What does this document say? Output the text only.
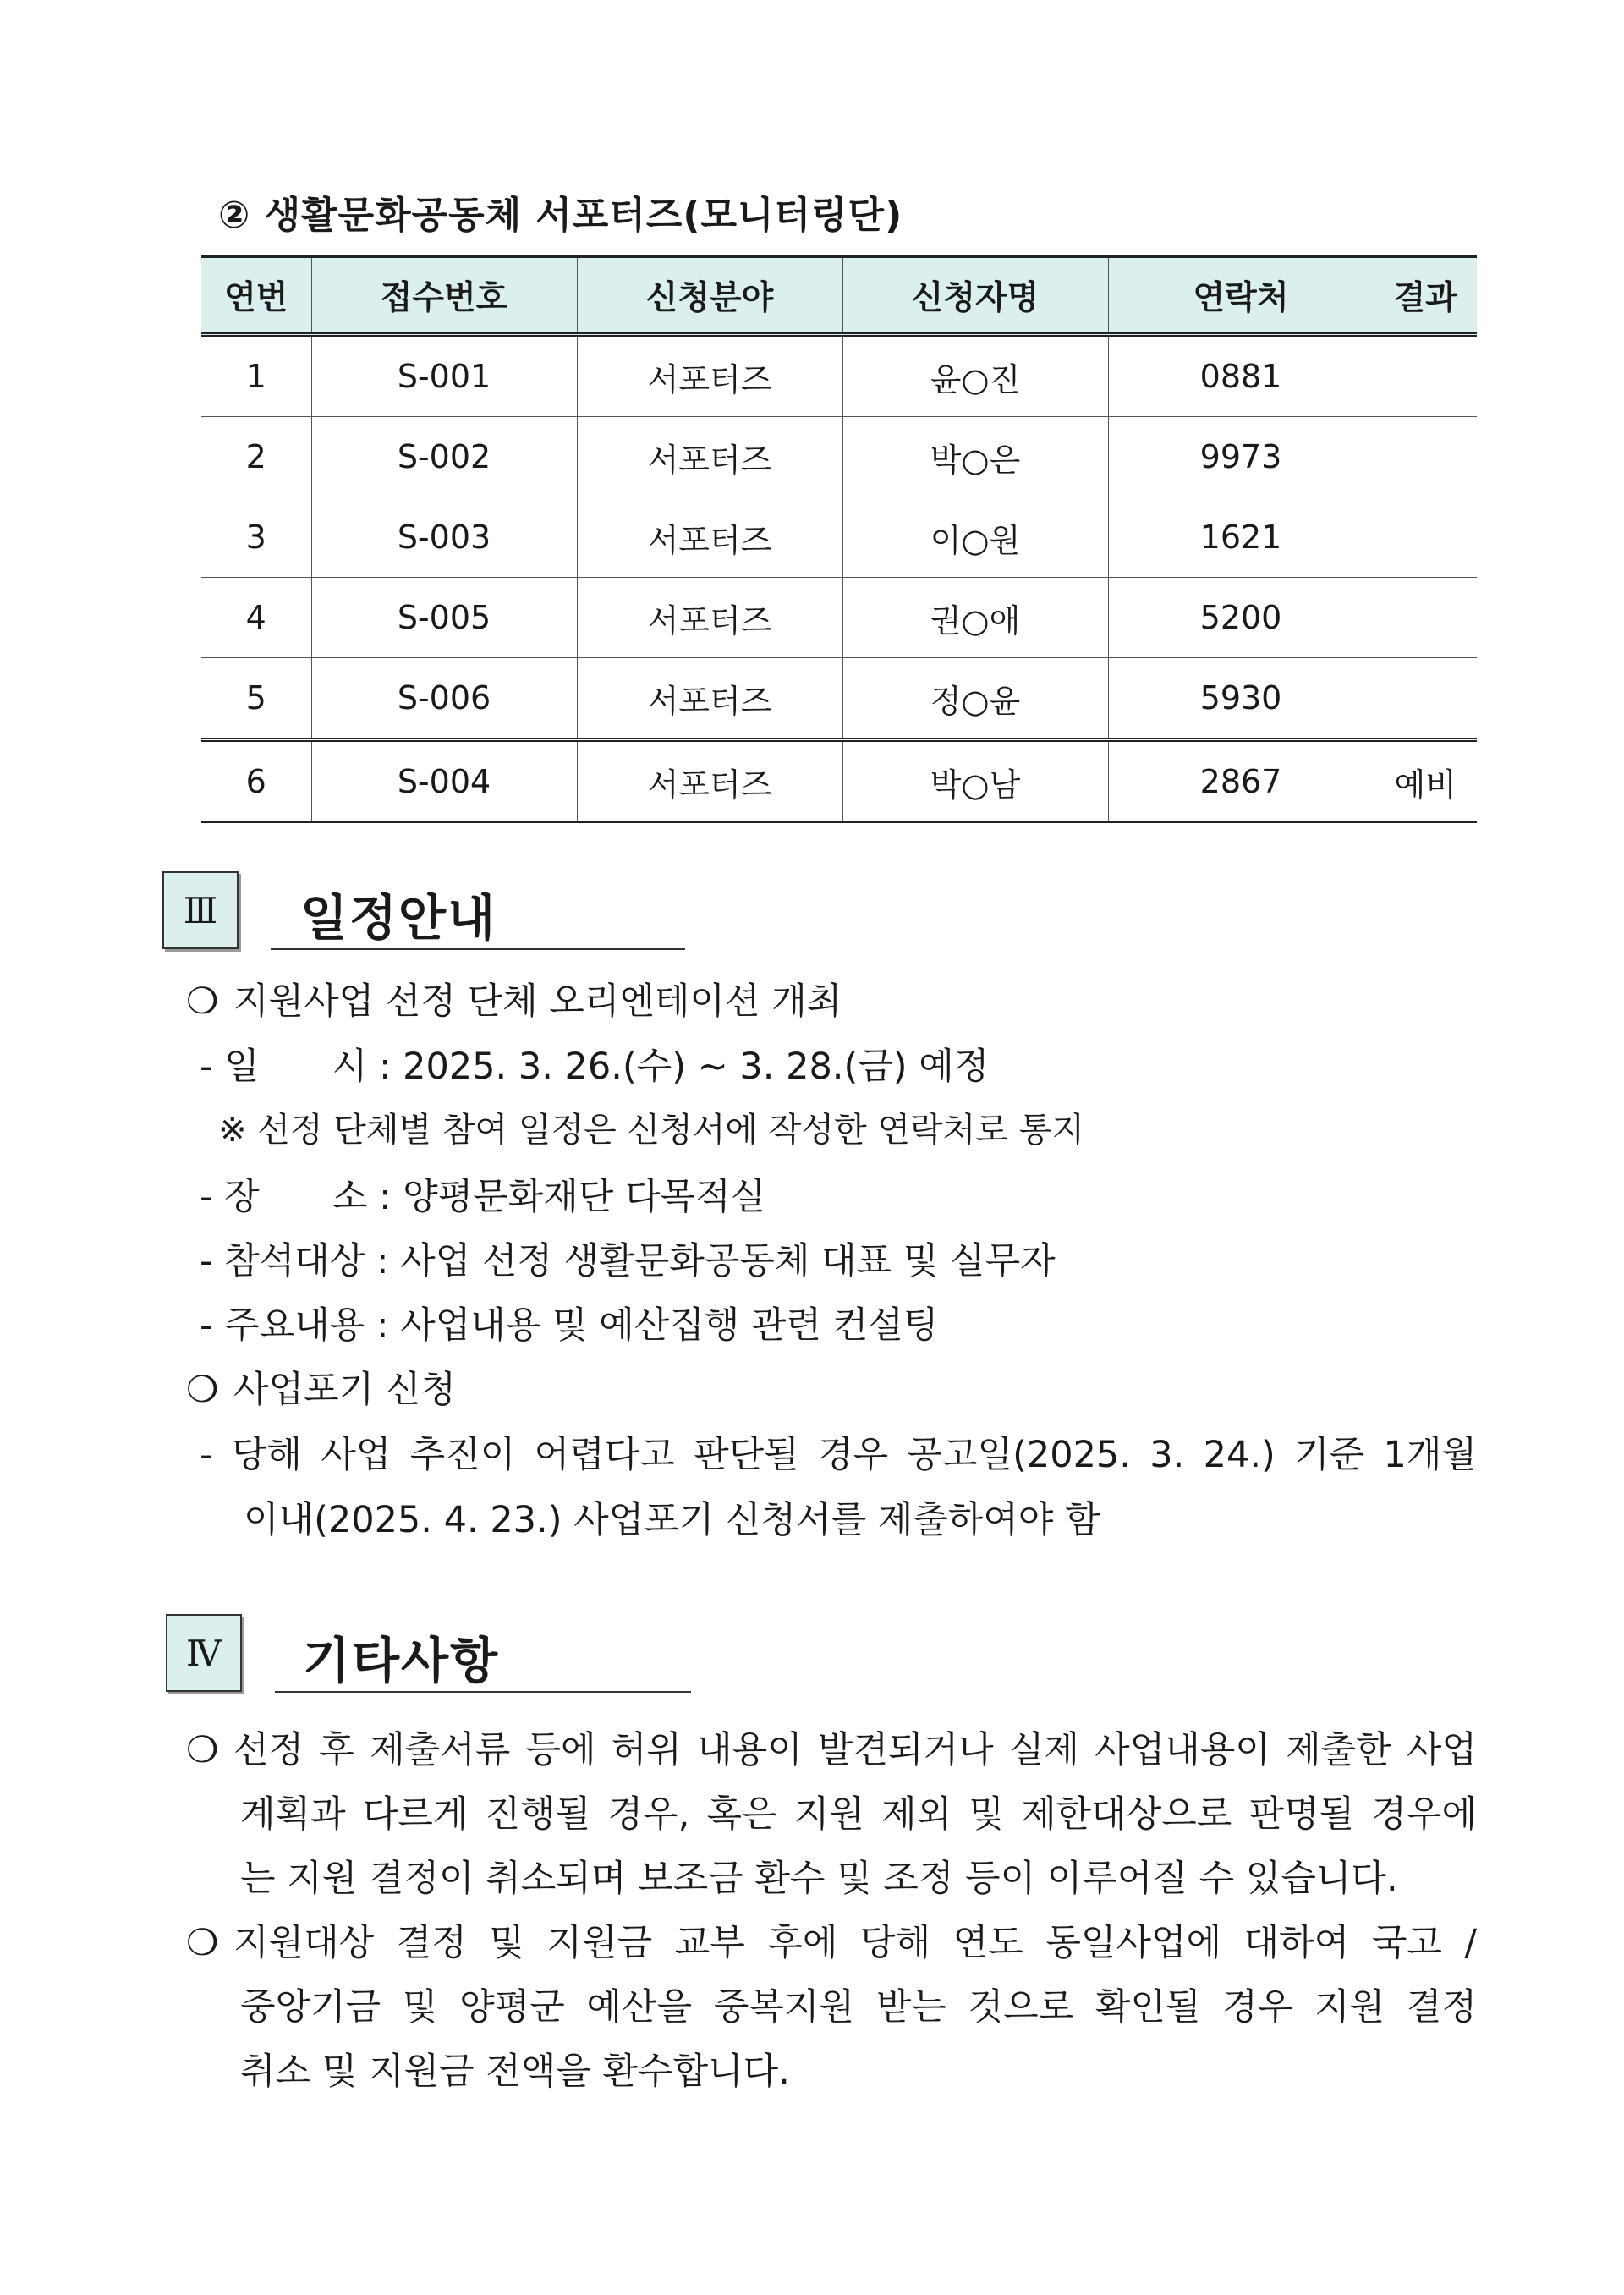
② 생활문화공동체 서포터즈(모니터링단)
연번	접수번호	신청분야	신청자명	연락처	결과
1	S-001	서포터즈	윤○진	0881	
2	S-002	서포터즈	박○은	9973	
3	S-003	서포터즈	이○원	1621	
4	S-005	서포터즈	권○애	5200	
5	S-006	서포터즈	정○윤	5930	
6	S-004	서포터즈	박○남	2867	예비
Ⅲ	일정안내
❍ 지원사업 선정 단체 오리엔테이션 개최
- 일　　시 : 2025. 3. 26.(수) ~ 3. 28.(금) 예정
※ 선정 단체별 참여 일정은 신청서에 작성한 연락처로 통지
- 장　　소 : 양평문화재단 다목적실
- 참석대상 : 사업 선정 생활문화공동체 대표 및 실무자
- 주요내용 : 사업내용 및 예산집행 관련 컨설팅
❍ 사업포기 신청
- 당해 사업 추진이 어렵다고 판단될 경우 공고일(2025. 3. 24.) 기준 1개월
이내(2025. 4. 23.) 사업포기 신청서를 제출하여야 함
Ⅳ	기타사항
❍ 선정 후 제출서류 등에 허위 내용이 발견되거나 실제 사업내용이 제출한 사업
계획과 다르게 진행될 경우, 혹은 지원 제외 및 제한대상으로 판명될 경우에
는 지원 결정이 취소되며 보조금 환수 및 조정 등이 이루어질 수 있습니다.
❍ 지원대상 결정 및 지원금 교부 후에 당해 연도 동일사업에 대하여 국고 /
중앙기금 및 양평군 예산을 중복지원 받는 것으로 확인될 경우 지원 결정
취소 및 지원금 전액을 환수합니다.
